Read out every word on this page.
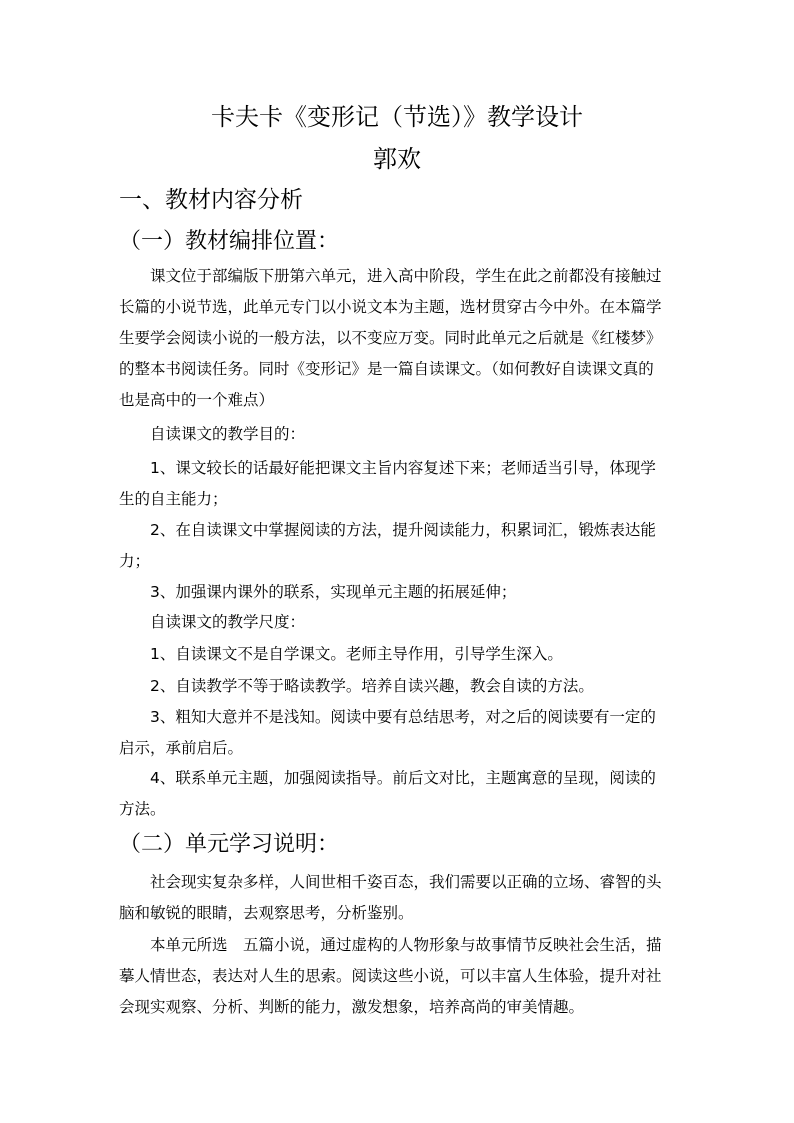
卡夫卡《变形记（节选）》教学设计
郭欢
一、教材内容分析
（一）教材编排位置：
课文位于部编版下册第六单元，进入高中阶段，学生在此之前都没有接触过
长篇的小说节选，此单元专门以小说文本为主题，选材贯穿古今中外。在本篇学
生要学会阅读小说的一般方法，以不变应万变。同时此单元之后就是《红楼梦》
的整本书阅读任务。同时《变形记》是一篇自读课文。（如何教好自读课文真的
也是高中的一个难点）
自读课文的教学目的：
1、课文较长的话最好能把课文主旨内容复述下来；老师适当引导，体现学
生的自主能力；
2、在自读课文中掌握阅读的方法，提升阅读能力，积累词汇，锻炼表达能
力；
3、加强课内课外的联系，实现单元主题的拓展延伸；
自读课文的教学尺度：
1、自读课文不是自学课文。老师主导作用，引导学生深入。
2、自读教学不等于略读教学。培养自读兴趣，教会自读的方法。
3、粗知大意并不是浅知。阅读中要有总结思考，对之后的阅读要有一定的
启示，承前启后。
4、联系单元主题，加强阅读指导。前后文对比，主题寓意的呈现，阅读的
方法。
（二）单元学习说明：
社会现实复杂多样，人间世相千姿百态，我们需要以正确的立场、睿智的头
脑和敏锐的眼睛，去观察思考，分析鉴别。
本单元所选　五篇小说，通过虚构的人物形象与故事情节反映社会生活，描
摹人情世态，表达对人生的思索。阅读这些小说，可以丰富人生体验，提升对社
会现实观察、分析、判断的能力，激发想象，培养高尚的审美情趣。
